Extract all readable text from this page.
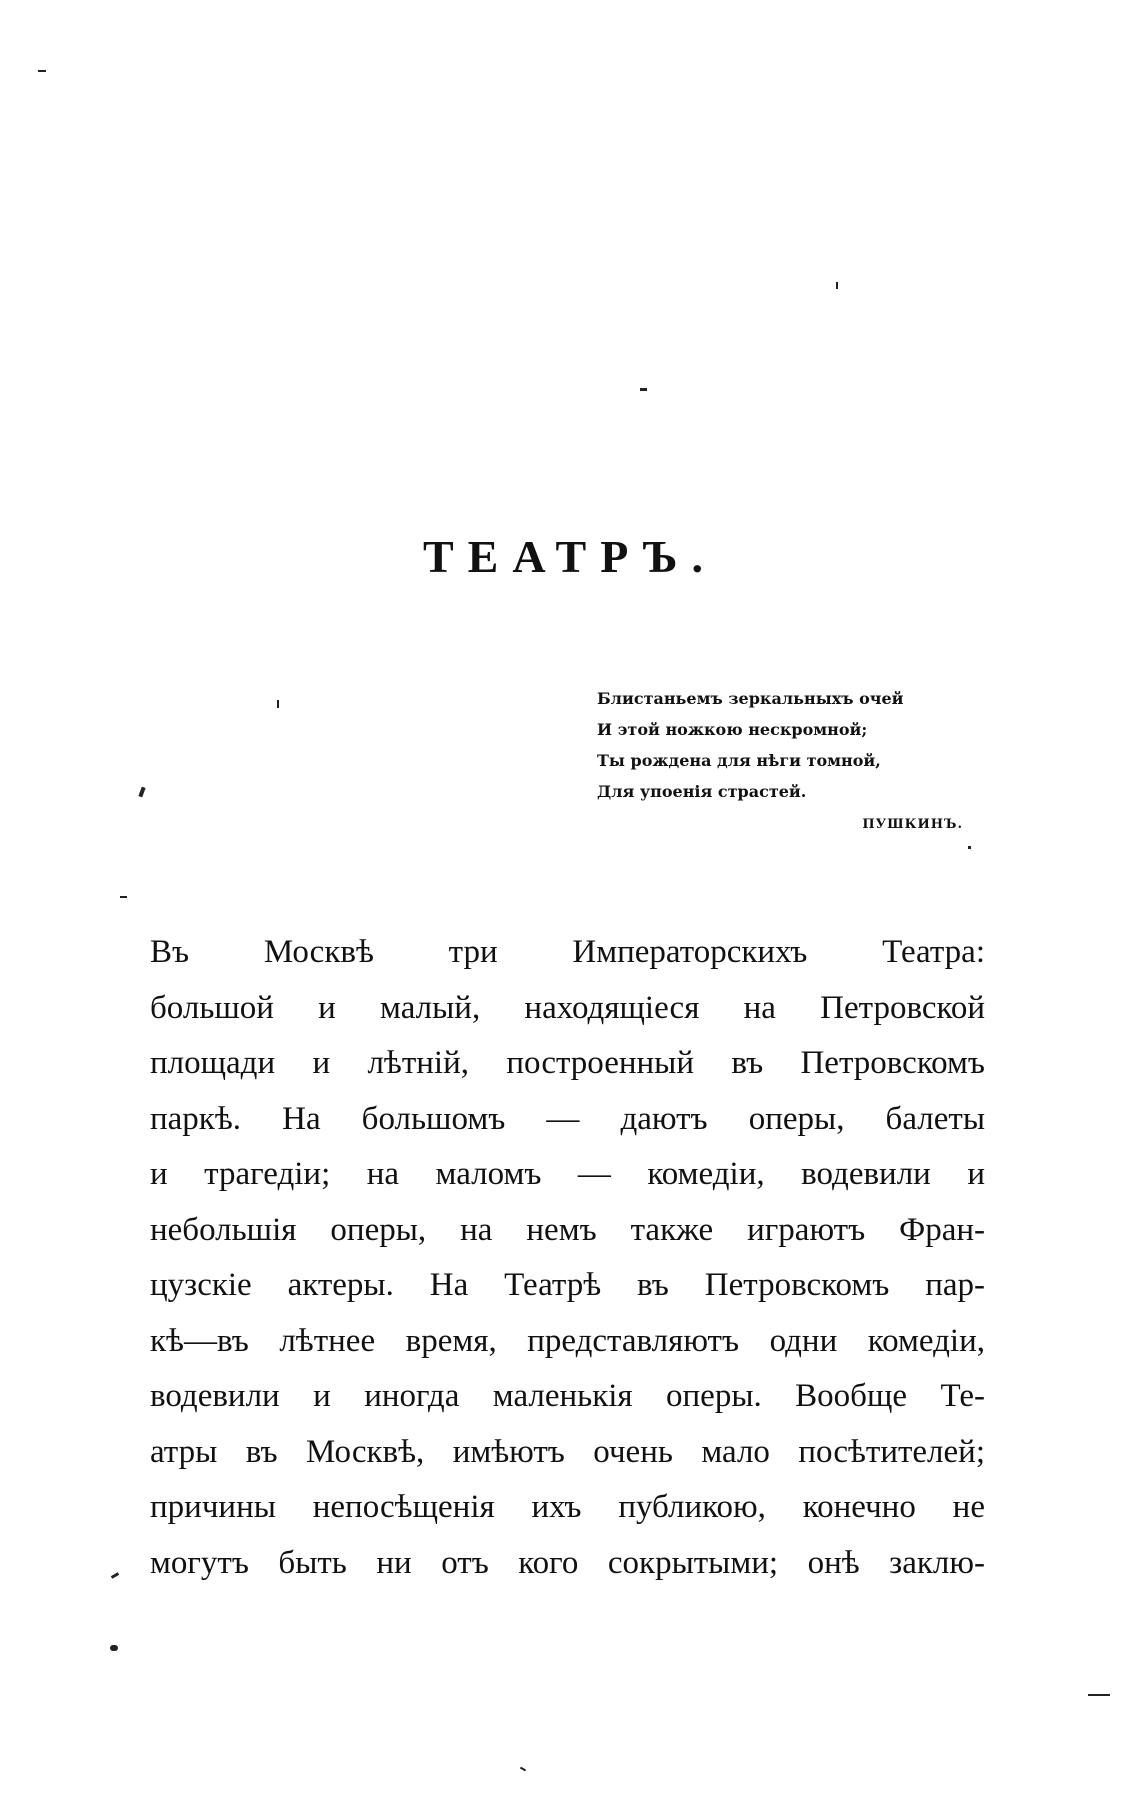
ТЕАТРЪ.
Блистаньемъ зеркальныхъ очей
И этой ножкою нескромной;
Ты рождена для нѣги томной,
Для упоенія страстей.
ПУШКИНЪ.
Въ Москвѣ три Императорскихъ Театра:
большой и малый, находящіеся на Петровской
площади и лѣтній, построенный въ Петровскомъ
паркѣ. На большомъ — даютъ оперы, балеты
и трагедіи; на маломъ — комедіи, водевили и
небольшія оперы, на немъ также играютъ Фран-
цузскіе актеры. На Театрѣ въ Петровскомъ пар-
кѣ—въ лѣтнее время, представляютъ одни комедіи,
водевили и иногда маленькія оперы. Вообще Те-
атры въ Москвѣ, имѣютъ очень мало посѣтителей;
причины непосѣщенія ихъ публикою, конечно не
могутъ быть ни отъ кого сокрытыми; онѣ заклю-
